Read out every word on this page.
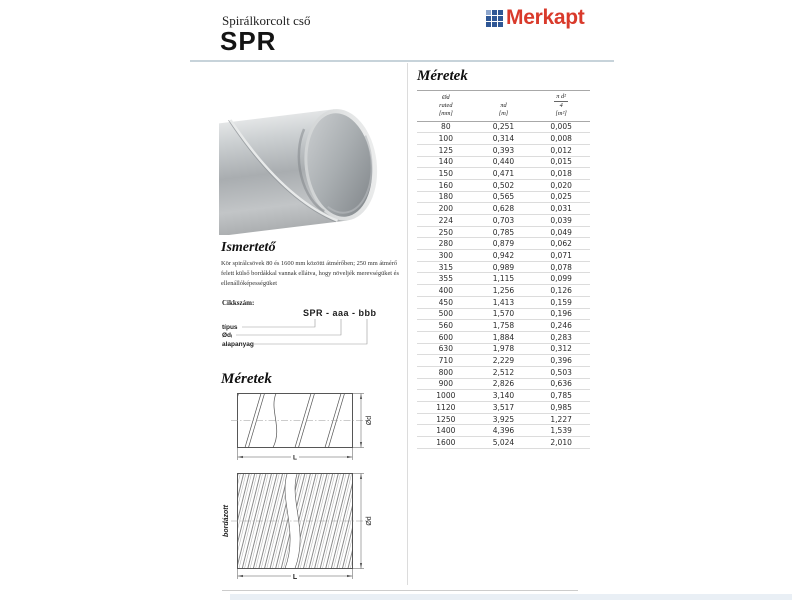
Spirálkorcolt cső
SPR
Merkapt
Ismertető
Kör spirálcsövek 80 és 1600 mm közötti átmérőben; 250 mm átmérő felett külső bordákkal vannak ellátva, hogy növeljék merevségüket és ellenállóképességüket
Cikkszám:
SPR - aaa - bbb
típus
Ødᵢ
alapanyag
Méretek
Ød
L
bordázott	Ød
L
Méretek
Ød
rated
[mm]

πd
[m]

π d²
4
[m²]

80	0,251	0,005
100	0,314	0,008
125	0,393	0,012
140	0,440	0,015
150	0,471	0,018
160	0,502	0,020
180	0,565	0,025
200	0,628	0,031
224	0,703	0,039
250	0,785	0,049
280	0,879	0,062
300	0,942	0,071
315	0,989	0,078
355	1,115	0,099
400	1,256	0,126
450	1,413	0,159
500	1,570	0,196
560	1,758	0,246
600	1,884	0,283
630	1,978	0,312
710	2,229	0,396
800	2,512	0,503
900	2,826	0,636
1000	3,140	0,785
1120	3,517	0,985
1250	3,925	1,227
1400	4,396	1,539
1600	5,024	2,010
